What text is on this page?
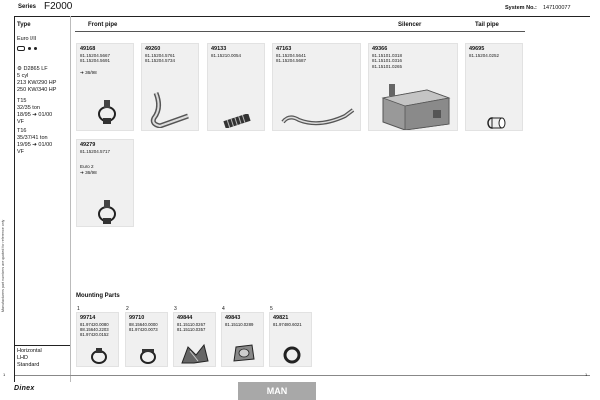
Series F2000	System No.: 147100077
Manufacturers part numbers are quoted for reference only
Type
Euro I/II
⚙ D2865 LF
5 cyl
213 KW/290 HP
250 KW/340 HP
T15
32/35 ton
18/95 ➔ 01/00
VF
T16
35/37/41 ton
19/95 ➔ 01/00
VF
Horizontal
LHD
Standard
Front pipe	Silencer	Tail pipe
49168
81.15204.5667
81.15204.5691
➔ 36/98
49260
81.15204.5761
81.15204.5734
49133
81.15210.0054
47163
81.15204.5641
81.15204.5687
49366
81.15101.0318
81.15101.0316
81.15101.0265
49695
81.15204.0252
49279
81.15204.5717
Euro 2
➔ 36/98
Mounting Parts
1
99714
81.97420.0080
88.15640.2203
81.97420.0152
2
99710
88.15640.0000
81.97420.0073
3
49844
81.15110.0267
81.15110.0357
4
49843
81.15110.0289
5
49821
81.97480.6021
1	1
Dinex	MAN
